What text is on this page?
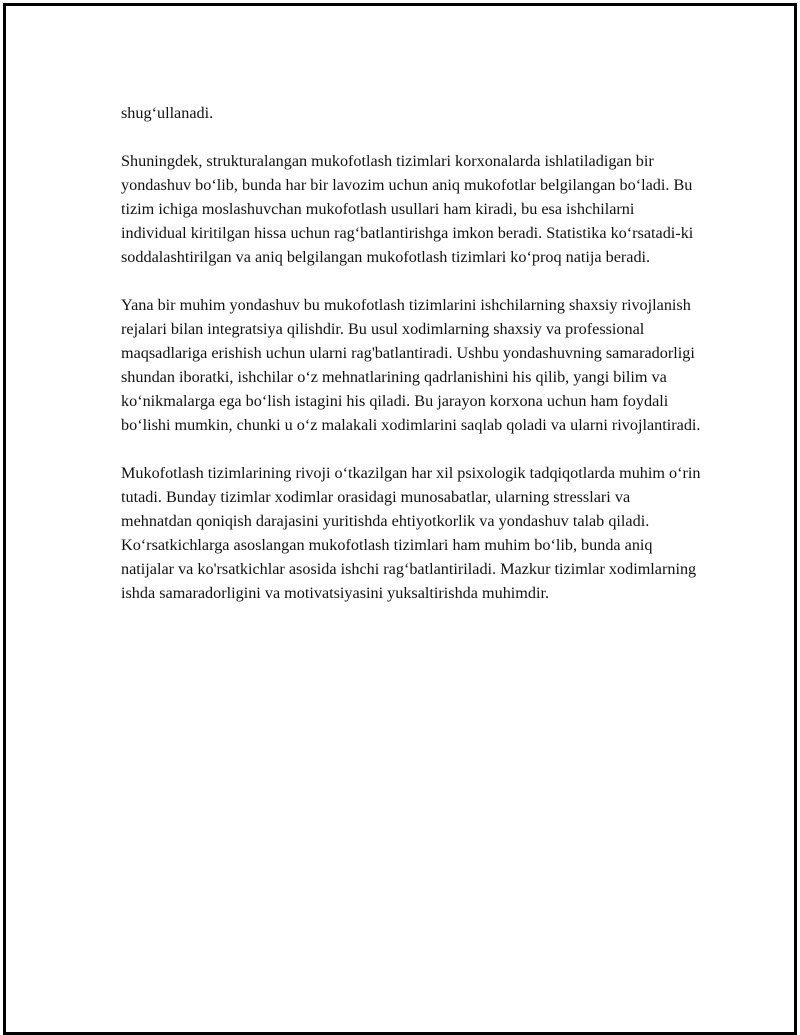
shug‘ullanadi.

Shuningdek, strukturalangan mukofotlash tizimlari korxonalarda ishlatiladigan bir yondashuv bo‘lib, bunda har bir lavozim uchun aniq mukofotlar belgilangan bo‘ladi. Bu tizim ichiga moslashuvchan mukofotlash usullari ham kiradi, bu esa ishchilarni individual kiritilgan hissa uchun rag‘batlantirishga imkon beradi. Statistika ko‘rsatadi-ki soddalashtirilgan va aniq belgilangan mukofotlash tizimlari ko‘proq natija beradi.

Yana bir muhim yondashuv bu mukofotlash tizimlarini ishchilarning shaxsiy rivojlanish rejalari bilan integratsiya qilishdir. Bu usul xodimlarning shaxsiy va professional maqsadlariga erishish uchun ularni rag'batlantiradi. Ushbu yondashuvning samaradorligi shundan iboratki, ishchilar o‘z mehnatlarining qadrlanishini his qilib, yangi bilim va ko‘nikmalarga ega bo‘lish istagini his qiladi. Bu jarayon korxona uchun ham foydali bo‘lishi mumkin, chunki u o‘z malakali xodimlarini saqlab qoladi va ularni rivojlantiradi.

Mukofotlash tizimlarining rivoji o‘tkazilgan har xil psixologik tadqiqotlarda muhim o‘rin tutadi. Bunday tizimlar xodimlar orasidagi munosabatlar, ularning stresslari va mehnatdan qoniqish darajasini yuritishda ehtiyotkorlik va yondashuv talab qiladi. Ko‘rsatkichlarga asoslangan mukofotlash tizimlari ham muhim bo‘lib, bunda aniq natijalar va ko'rsatkichlar asosida ishchi rag‘batlantiriladi. Mazkur tizimlar xodimlarning ishda samaradorligini va motivatsiyasini yuksaltirishda muhimdir.
